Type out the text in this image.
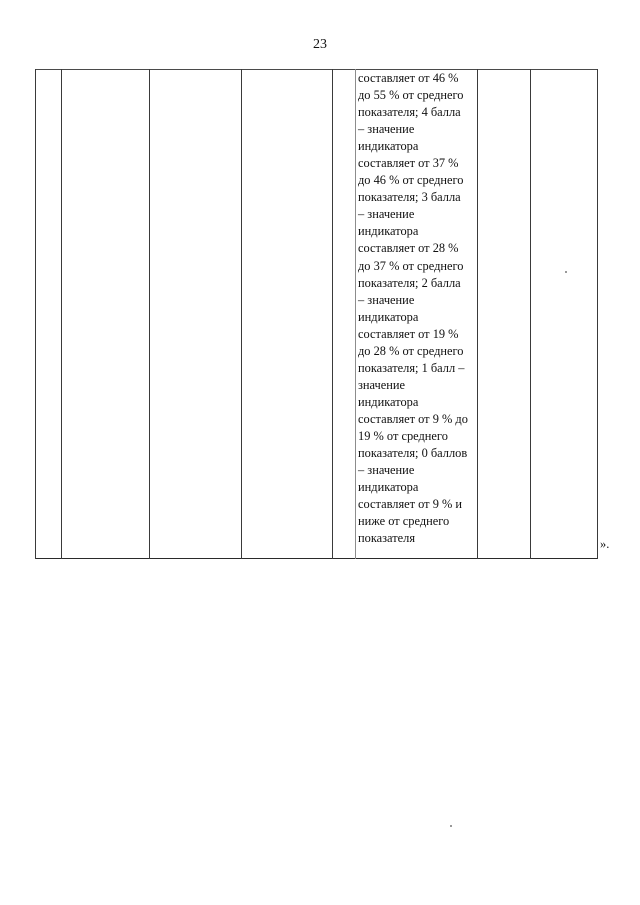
23
составляет от 46 %
до 55 % от среднего
показателя; 4 балла
– значение
индикатора
составляет от 37 %
до 46 % от среднего
показателя; 3 балла
– значение
индикатора
составляет от 28 %
до 37 % от среднего
показателя; 2 балла
– значение
индикатора
составляет от 19 %
до 28 % от среднего
показателя; 1 балл –
значение
индикатора
составляет от 9 % до
19 % от среднего
показателя; 0 баллов
– значение
индикатора
составляет от 9 % и
ниже от среднего
показателя	».
